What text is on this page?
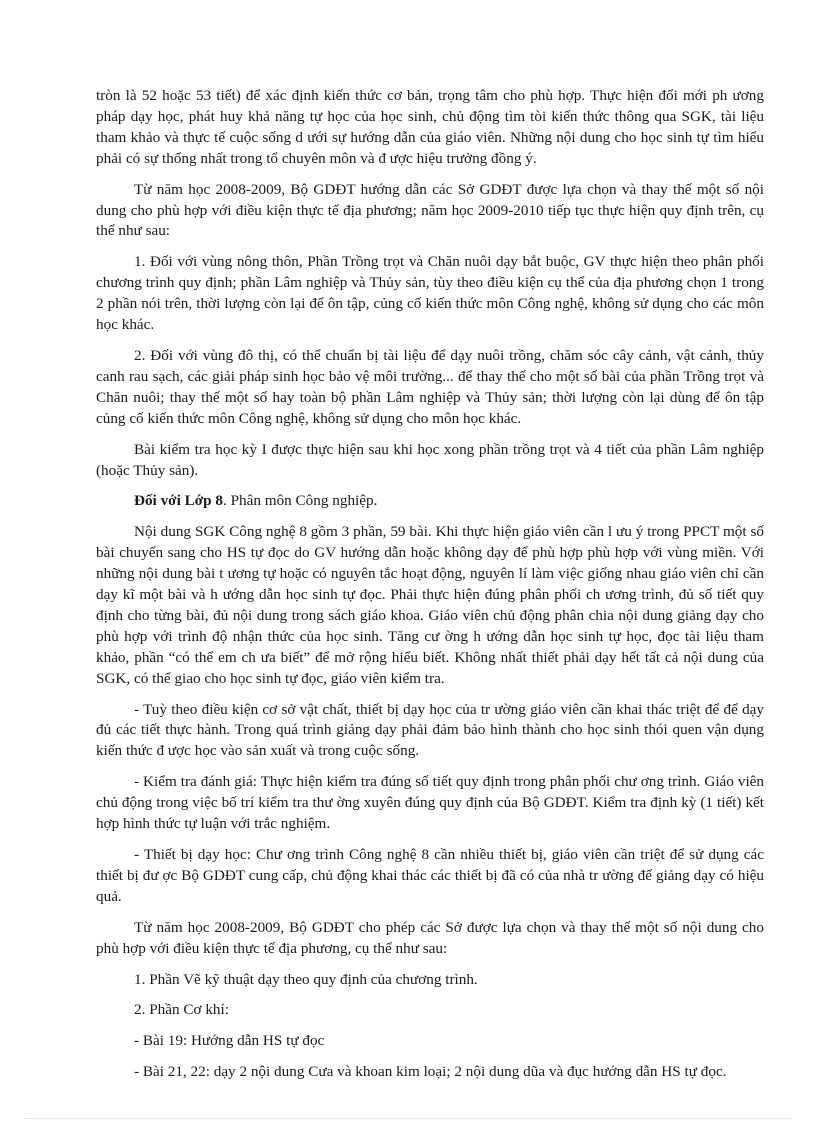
tròn là 52 hoặc 53 tiết) để xác định kiến thức cơ bản, trọng tâm cho phù hợp. Thực hiện đổi mới ph ương pháp dạy học, phát huy khả năng tự học của học sinh, chủ động tìm tòi kiến thức thông qua SGK, tài liệu tham khảo và thực tế cuộc sống d ưới sự hướng dẫn của giáo viên. Những nội dung cho học sinh tự tìm hiểu phải có sự thống nhất trong tổ chuyên môn và đ ược hiệu trưởng đồng ý.

Từ năm học 2008-2009, Bộ GDĐT hướng dẫn các Sở GDĐT được lựa chọn và thay thế một số nội dung cho phù hợp với điều kiện thực tế địa phương; năm học 2009-2010 tiếp tục thực hiện quy định trên, cụ thể như sau:

1. Đối với vùng nông thôn, Phần Trồng trọt và Chăn nuôi dạy bắt buộc, GV thực hiện theo phân phối chương trình quy định; phần Lâm nghiệp và Thủy sản, tùy theo điều kiện cụ thể của địa phương chọn 1 trong 2 phần nói trên, thời lượng còn lại để ôn tập, củng cố kiến thức môn Công nghệ, không sử dụng cho các môn học khác.

2. Đối với vùng đô thị, có thể chuẩn bị tài liệu để dạy nuôi trồng, chăm sóc cây cảnh, vật cảnh, thủy canh rau sạch, các giải pháp sinh học bảo vệ môi trường... để thay thế cho một số bài của phần Trồng trọt và Chăn nuôi; thay thế một số hay toàn bộ phần Lâm nghiệp và Thủy sản; thời lượng còn lại dùng để ôn tập củng cố kiến thức môn Công nghệ, không sử dụng cho môn học khác.

Bài kiểm tra học kỳ I được thực hiện sau khi học xong phần trồng trọt và 4 tiết của phần Lâm nghiệp (hoặc Thủy sản).

Đối với Lớp 8. Phân môn Công nghiệp.

Nội dung SGK Công nghệ 8 gồm 3 phần, 59 bài. Khi thực hiện giáo viên cần l ưu ý trong PPCT một số bài chuyển sang cho HS tự đọc do GV hướng dẫn hoặc không dạy để phù hợp phù hợp với vùng miền. Với những nội dung bài t ương tự hoặc có nguyên tắc hoạt động, nguyên lí làm việc giống nhau giáo viên chỉ cần dạy kĩ một bài và h ướng dẫn học sinh tự đọc. Phải thực hiện đúng phân phối ch ương trình, đủ số tiết quy định cho từng bài, đủ nội dung trong sách giáo khoa. Giáo viên chủ động phân chia nội dung giảng dạy cho phù hợp với trình độ nhận thức của học sinh. Tăng cư ờng h ướng dẫn học sinh tự học, đọc tài liệu tham khảo, phần “có thể em ch ưa biết” để mở rộng hiểu biết. Không nhất thiết phải dạy hết tất cả nội dung của SGK, có thể giao cho học sinh tự đọc, giáo viên kiểm tra.

- Tuỳ theo điều kiện cơ sở vật chất, thiết bị dạy học của tr ường giáo viên cần khai thác triệt để để dạy đủ các tiết thực hành. Trong quá trình giảng dạy phải đảm bảo hình thành cho học sinh thói quen vận dụng kiến thức đ ược học vào sản xuất và trong cuộc sống.

- Kiểm tra đánh giá: Thực hiện kiểm tra đúng số tiết quy định trong phân phối chư ơng trình. Giáo viên chủ động trong việc bố trí kiểm tra thư ờng xuyên đúng quy định của Bộ GDĐT. Kiểm tra định kỳ (1 tiết) kết hợp hình thức tự luận với trắc nghiệm.

- Thiết bị dạy học: Chư ơng trình Công nghệ 8 cần nhiều thiết bị, giáo viên cần triệt để sử dụng các thiết bị đư ợc Bộ GDĐT cung cấp, chủ động khai thác các thiết bị đã có của nhà tr ường để giảng dạy có hiệu quả.

Từ năm học 2008-2009, Bộ GDĐT cho phép các Sở được lựa chọn và thay thế một số nội dung cho phù hợp với điều kiện thực tế địa phương, cụ thể như sau:

1. Phần Vẽ kỹ thuật dạy theo quy định của chương trình.

2. Phần Cơ khí:

- Bài 19: Hướng dẫn HS tự đọc

- Bài 21, 22: dạy 2 nội dung Cưa và khoan kim loại; 2 nội dung dũa và đục hướng dẫn HS tự đọc.
